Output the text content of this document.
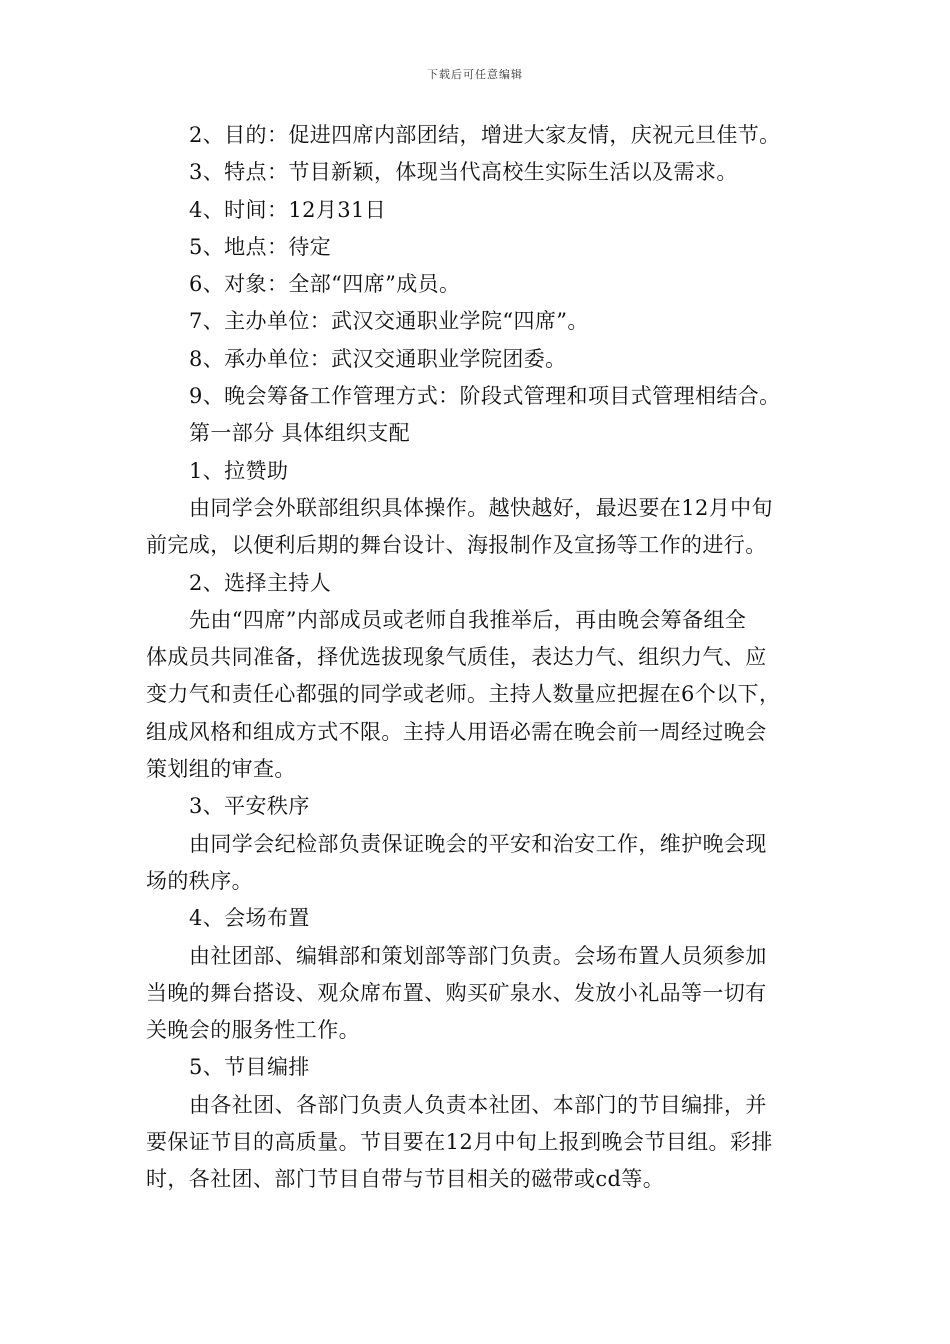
下载后可任意编辑

2、目的：促进四席内部团结，增进大家友情，庆祝元旦佳节。

3、特点：节目新颖，体现当代高校生实际生活以及需求。

4、时间：12月31日

5、地点：待定

6、对象：全部“四席”成员。

7、主办单位：武汉交通职业学院“四席”。

8、承办单位：武汉交通职业学院团委。

9、晚会筹备工作管理方式：阶段式管理和项目式管理相结合。

第一部分 具体组织支配

1、拉赞助

由同学会外联部组织具体操作。越快越好，最迟要在12月中旬
前完成，以便利后期的舞台设计、海报制作及宣扬等工作的进行。

2、选择主持人

先由“四席”内部成员或老师自我推举后，再由晚会筹备组全
体成员共同准备，择优选拔现象气质佳，表达力气、组织力气、应
变力气和责任心都强的同学或老师。主持人数量应把握在6个以下，
组成风格和组成方式不限。主持人用语必需在晚会前一周经过晚会
策划组的审查。

3、平安秩序

由同学会纪检部负责保证晚会的平安和治安工作，维护晚会现
场的秩序。

4、会场布置

由社团部、编辑部和策划部等部门负责。会场布置人员须参加
当晚的舞台搭设、观众席布置、购买矿泉水、发放小礼品等一切有
关晚会的服务性工作。

5、节目编排

由各社团、各部门负责人负责本社团、本部门的节目编排，并
要保证节目的高质量。节目要在12月中旬上报到晚会节目组。彩排
时，各社团、部门节目自带与节目相关的磁带或cd等。
